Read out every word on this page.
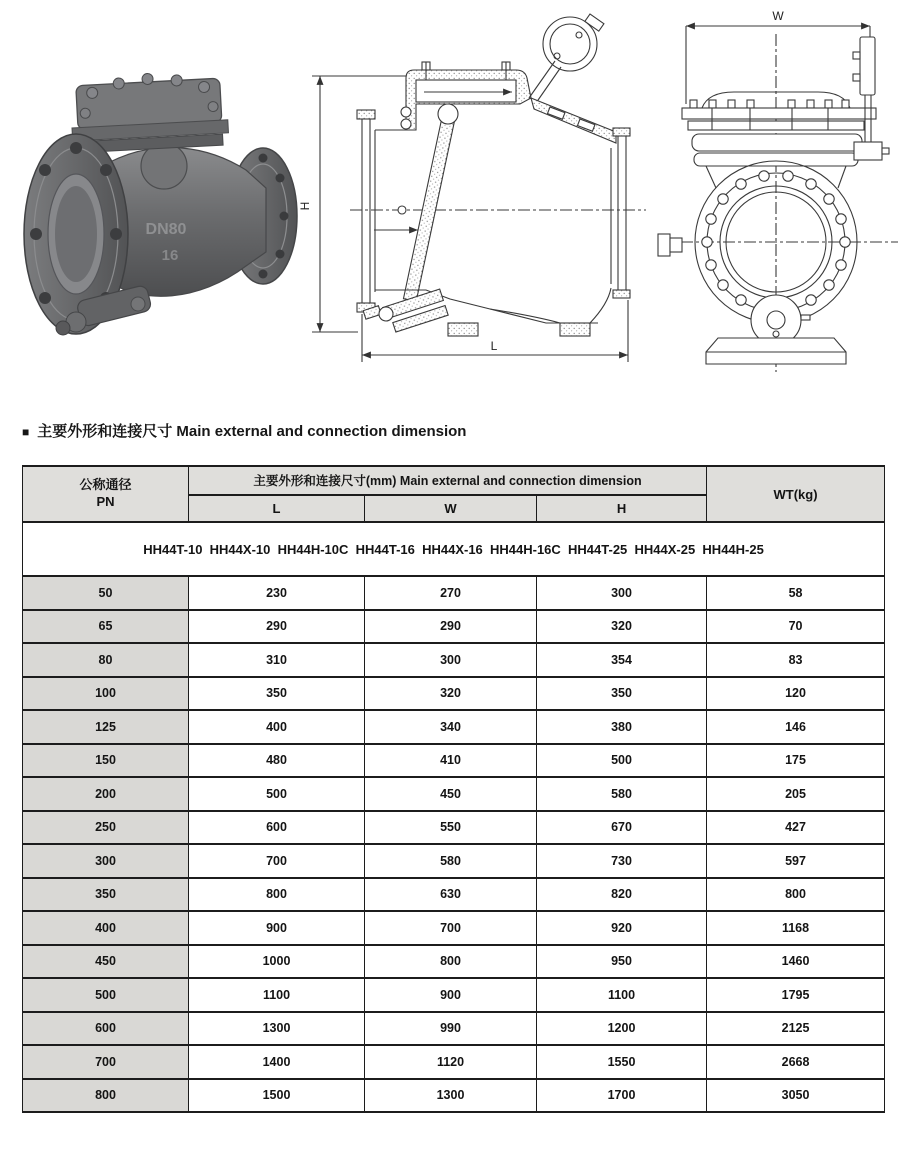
DN80
16
H
L
W
■ 主要外形和连接尺寸 Main external and connection dimension
公称通径
PN	主要外形和连接尺寸(mm) Main external and connection dimension			WT(kg)
	L	W	H	
HH44T-10  HH44X-10  HH44H-10C  HH44T-16  HH44X-16  HH44H-16C  HH44T-25  HH44X-25  HH44H-25				
50	230	270	300	58
65	290	290	320	70
80	310	300	354	83
100	350	320	350	120
125	400	340	380	146
150	480	410	500	175
200	500	450	580	205
250	600	550	670	427
300	700	580	730	597
350	800	630	820	800
400	900	700	920	1168
450	1000	800	950	1460
500	1100	900	1100	1795
600	1300	990	1200	2125
700	1400	1120	1550	2668
800	1500	1300	1700	3050
